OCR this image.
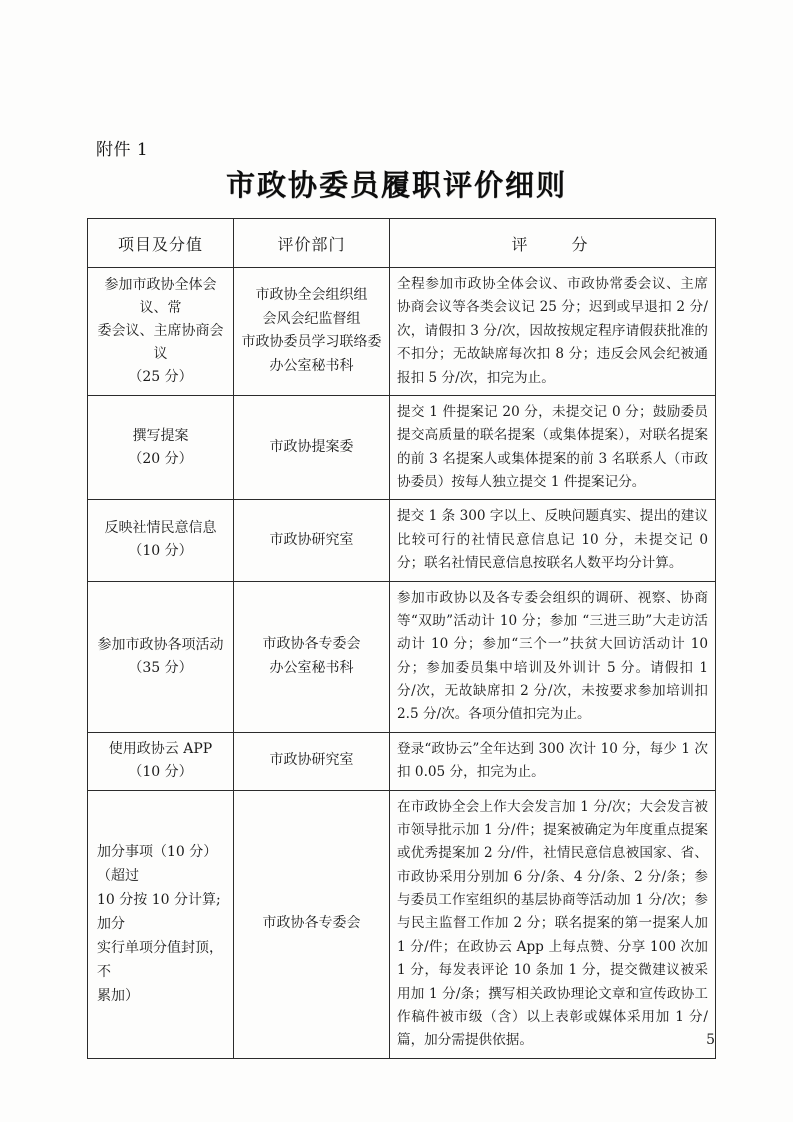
附件 1
市政协委员履职评价细则
项目及分值	评价部门	评　分

参加市政协全体会议、常
委会议、主席协商会议
（25 分）	市政协全会组织组
会风会纪监督组
市政协委员学习联络委
办公室秘书科	全程参加市政协全体会议、市政协常委会议、主席协商会议等各类会议记 25 分；迟到或早退扣 2 分/次，请假扣 3 分/次，因故按规定程序请假获批准的不扣分；无故缺席每次扣 8 分；违反会风会纪被通报扣 5 分/次，扣完为止。

撰写提案
（20 分）	市政协提案委	提交 1 件提案记 20 分，未提交记 0 分；鼓励委员提交高质量的联名提案（或集体提案），对联名提案的前 3 名提案人或集体提案的前 3 名联系人（市政协委员）按每人独立提交 1 件提案记分。

反映社情民意信息
（10 分）	市政协研究室	提交 1 条 300 字以上、反映问题真实、提出的建议比较可行的社情民意信息记 10 分，未提交记 0 分；联名社情民意信息按联名人数平均分计算。

参加市政协各项活动
（35 分）	市政协各专委会
办公室秘书科	参加市政协以及各专委会组织的调研、视察、协商等“双助”活动计 10 分；参加 “三进三助”大走访活动计 10 分；参加“三个一”扶贫大回访活动计 10 分；参加委员集中培训及外训计 5 分。请假扣 1 分/次，无故缺席扣 2 分/次，未按要求参加培训扣 2.5 分/次。各项分值扣完为止。

使用政协云 APP
（10 分）	市政协研究室	登录“政协云”全年达到 300 次计 10 分，每少 1 次扣 0.05 分，扣完为止。

加分事项（10 分）（超过
10 分按 10 分计算;加分
实行单项分值封顶，不
累加）

市政协各专委会
	在市政协全会上作大会发言加 1 分/次；大会发言被市领导批示加 1 分/件；提案被确定为年度重点提案或优秀提案加 2 分/件，社情民意信息被国家、省、市政协采用分别加 6 分/条、4 分/条、2 分/条；参与委员工作室组织的基层协商等活动加 1 分/次；参与民主监督工作加 2 分；联名提案的第一提案人加 1 分/件；在政协云 App 上每点赞、分享 100 次加 1 分，每发表评论 10 条加 1 分，提交微建议被采用加 1 分/条；撰写相关政协理论文章和宣传政协工作稿件被市级（含）以上表彰或媒体采用加 1 分/篇，加分需提供依据。	5
